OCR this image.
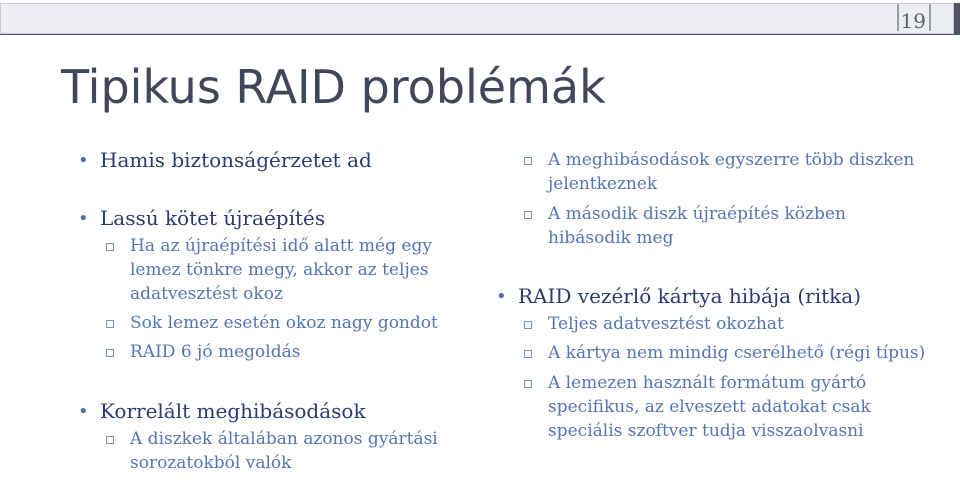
19
Tipikus RAID problémák
• Hamis biztonságérzetet ad
• Lassú kötet újraépítés
Ha az újraépítési idő alatt még egy lemez tönkre megy, akkor az teljes adatvesztést okoz
Sok lemez esetén okoz nagy gondot
RAID 6 jó megoldás
• Korrelált meghibásodások
A diszkek általában azonos gyártási sorozatokból valók
A meghibásodások egyszerre több diszken jelentkeznek
A második diszk újraépítés közben hibásodik meg
• RAID vezérlő kártya hibája (ritka)
Teljes adatvesztést okozhat
A kártya nem mindig cserélhető (régi típus)
A lemezen használt formátum gyártó specifikus, az elveszett adatokat csak speciális szoftver tudja visszaolvasni
